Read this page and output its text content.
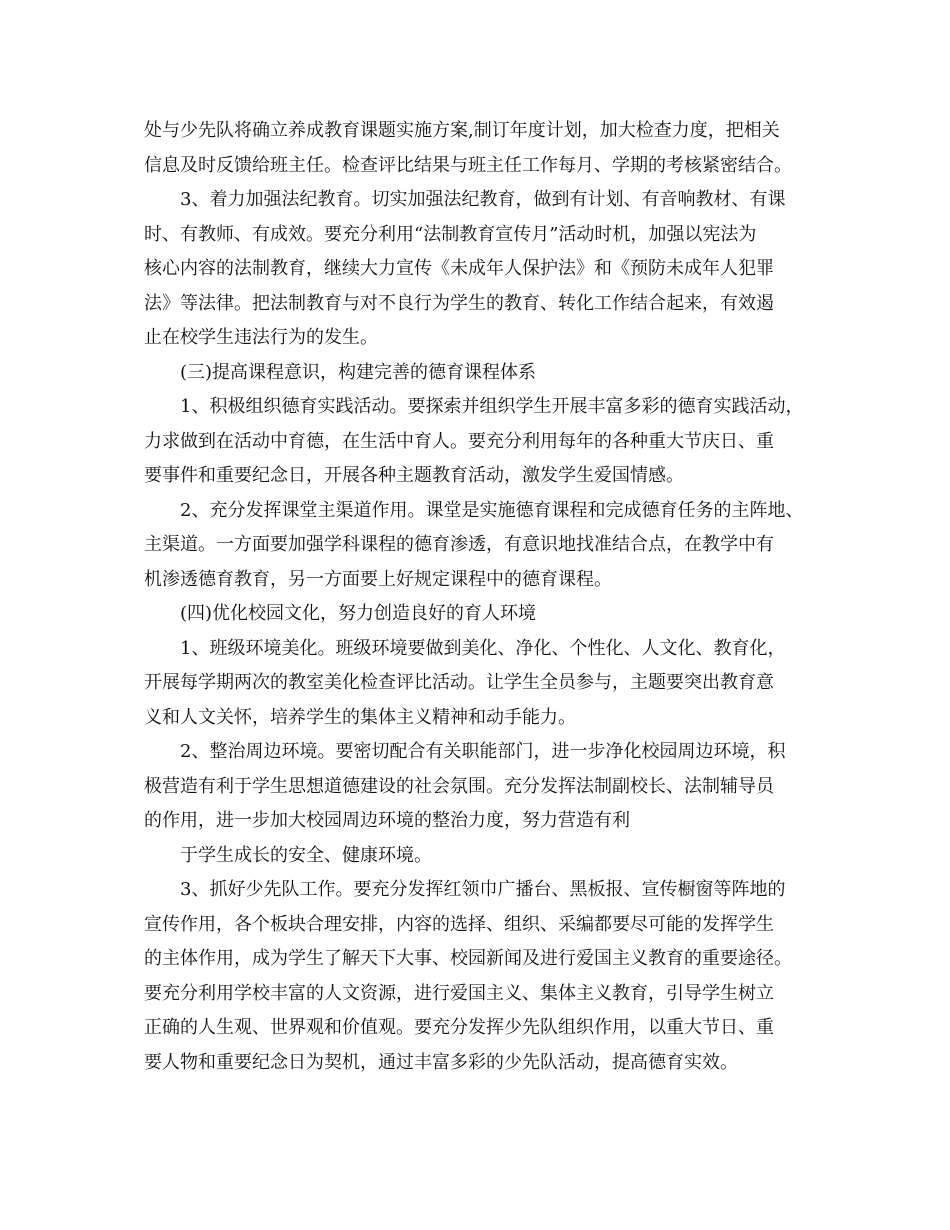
处与少先队将确立养成教育课题实施方案,制订年度计划，加大检查力度，把相关
信息及时反馈给班主任。检查评比结果与班主任工作每月、学期的考核紧密结合。
3、着力加强法纪教育。切实加强法纪教育，做到有计划、有音响教材、有课
时、有教师、有成效。要充分利用“法制教育宣传月”活动时机，加强以宪法为
核心内容的法制教育，继续大力宣传《未成年人保护法》和《预防未成年人犯罪
法》等法律。把法制教育与对不良行为学生的教育、转化工作结合起来，有效遏
止在校学生违法行为的发生。
(三)提高课程意识，构建完善的德育课程体系
1、积极组织德育实践活动。要探索并组织学生开展丰富多彩的德育实践活动，
力求做到在活动中育德，在生活中育人。要充分利用每年的各种重大节庆日、重
要事件和重要纪念日，开展各种主题教育活动，激发学生爱国情感。
2、充分发挥课堂主渠道作用。课堂是实施德育课程和完成德育任务的主阵地、
主渠道。一方面要加强学科课程的德育渗透，有意识地找准结合点，在教学中有
机渗透德育教育，另一方面要上好规定课程中的德育课程。
(四)优化校园文化，努力创造良好的育人环境
1、班级环境美化。班级环境要做到美化、净化、个性化、人文化、教育化，
开展每学期两次的教室美化检查评比活动。让学生全员参与，主题要突出教育意
义和人文关怀，培养学生的集体主义精神和动手能力。
2、整治周边环境。要密切配合有关职能部门，进一步净化校园周边环境，积
极营造有利于学生思想道德建设的社会氛围。充分发挥法制副校长、法制辅导员
的作用，进一步加大校园周边环境的整治力度，努力营造有利
于学生成长的安全、健康环境。
3、抓好少先队工作。要充分发挥红领巾广播台、黑板报、宣传橱窗等阵地的
宣传作用，各个板块合理安排，内容的选择、组织、采编都要尽可能的发挥学生
的主体作用，成为学生了解天下大事、校园新闻及进行爱国主义教育的重要途径。
要充分利用学校丰富的人文资源，进行爱国主义、集体主义教育，引导学生树立
正确的人生观、世界观和价值观。要充分发挥少先队组织作用，以重大节日、重
要人物和重要纪念日为契机，通过丰富多彩的少先队活动，提高德育实效。
